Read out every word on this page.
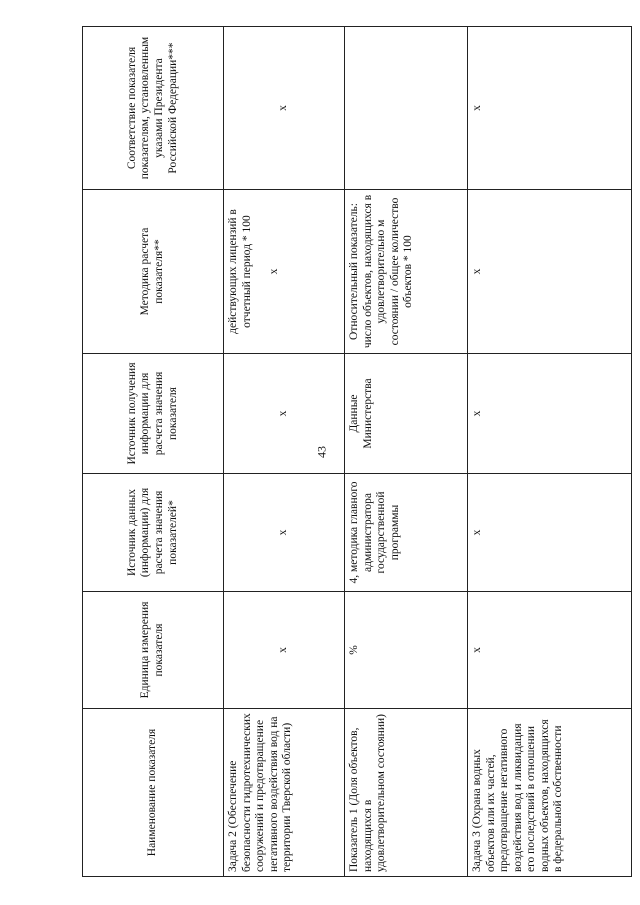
43
Наименование показателя	Единица измерения показателя	Источник данных (информации) для расчета значения показателей*	Источник получения информации для расчета значения показателя	Методика расчета показателя**	Соответствие показателя показателям, установленным указами Президента Российской Федерации***
Задача 2 (Обеспечение безопасности гидротехнических сооружений и предотвращение негативного воздействия вод на территории Тверской области)	x	x	x	действующих лицензий в отчетный период * 100 x	x
Показатель 1 (Доля объектов, находящихся в удовлетворительном состоянии)	%	4, методика главного администратора государственной программы	Данные Министерства	Относительный показатель: число объектов, находящихся в удовлетворительно м состоянии / общее количество объектов * 100	
Задача 3 (Охрана водных объектов или их частей, предотвращение негативного воздействия вод и ликвидация его последствий в отношении водных объектов, находящихся в федеральной собственности	x	x	x	x	x
